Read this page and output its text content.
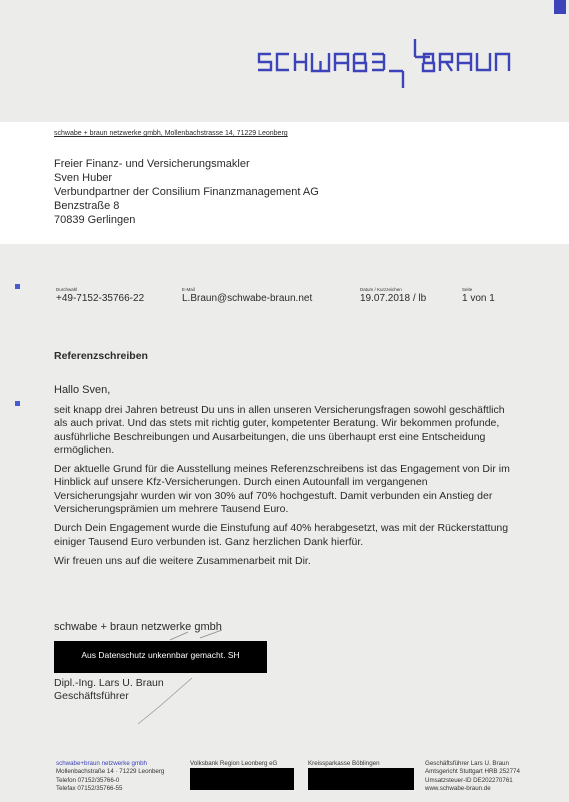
schwabe + braun netzwerke gmbh, Mollenbachstrasse 14, 71229 Leonberg
Freier Finanz- und Versicherungsmakler
Sven Huber
Verbundpartner der Consilium Finanzmanagement AG
Benzstraße 8
70839 Gerlingen
Durchwahl
+49-7152-35766-22
E-Mail
L.Braun@schwabe-braun.net
Datum / Kurzzeichen
19.07.2018 / lb
Seite
1 von 1
Referenzschreiben
Hallo Sven,

seit knapp drei Jahren betreust Du uns in allen unseren Versicherungsfragen sowohl geschäftlich als auch privat. Und das stets mit richtig guter, kompetenter Beratung. Wir bekommen profunde, ausführliche Beschreibungen und Ausarbeitungen, die uns überhaupt erst eine Entscheidung ermöglichen.

Der aktuelle Grund für die Ausstellung meines Referenzschreibens ist das Engagement von Dir im Hinblick auf unsere Kfz-Versicherungen. Durch einen Autounfall im vergangenen Versicherungsjahr wurden wir von 30% auf 70% hochgestuft. Damit verbunden ein Anstieg der Versicherungsprämien um mehrere Tausend Euro.

Durch Dein Engagement wurde die Einstufung auf 40% herabgesetzt, was mit der Rückerstattung einiger Tausend Euro verbunden ist. Ganz herzlichen Dank hierfür.

Wir freuen uns auf die weitere Zusammenarbeit mit Dir.

schwabe + braun netzwerke gmbh
Aus Datenschutz unkennbar gemacht. SH
Dipl.-Ing. Lars U. Braun
Geschäftsführer
schwabe+braun netzwerke gmbh
Mollenbachstraße 14 · 71229 Leonberg
Telefon 07152/35766-0
Telefax 07152/35766-55
Volksbank Region Leonberg eG	Kreissparkasse Böblingen	Geschäftsführer Lars U. Braun
Amtsgericht Stuttgart HRB 252774
Umsatzsteuer-ID DE202270761
www.schwabe-braun.de
